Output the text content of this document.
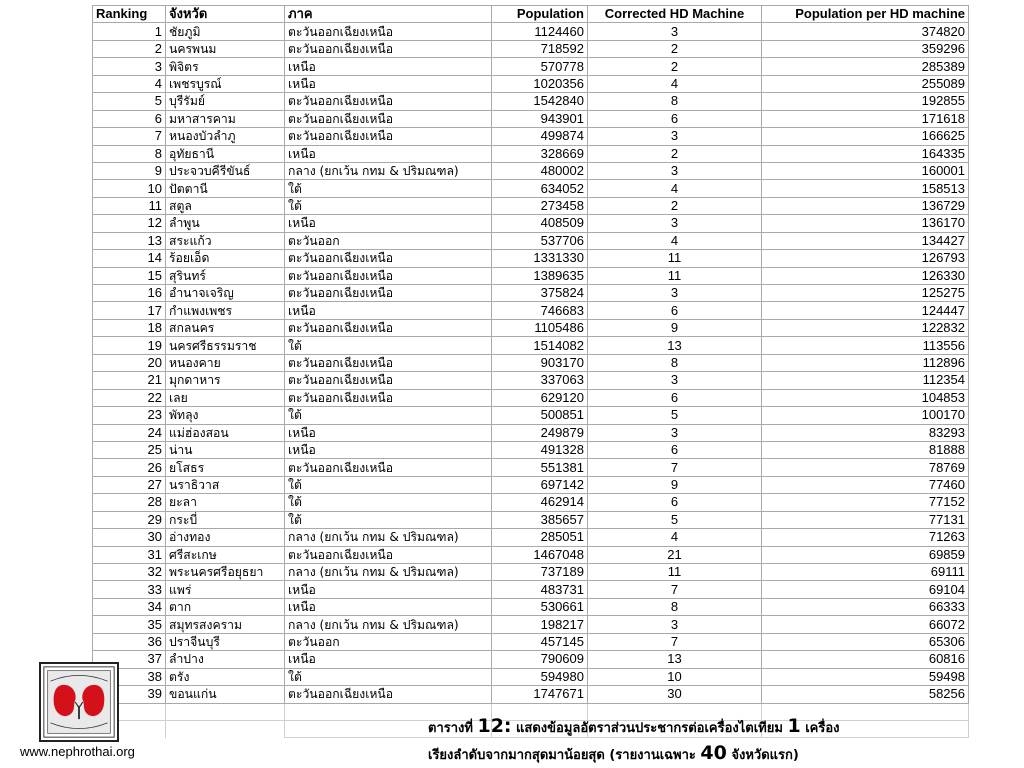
Ranking	จังหวัด	ภาค	Population	Corrected HD Machine	Population per HD machine
1	ชัยภูมิ	ตะวันออกเฉียงเหนือ	1124460	3	374820
2	นครพนม	ตะวันออกเฉียงเหนือ	718592	2	359296
3	พิจิตร	เหนือ	570778	2	285389
4	เพชรบูรณ์	เหนือ	1020356	4	255089
5	บุรีรัมย์	ตะวันออกเฉียงเหนือ	1542840	8	192855
6	มหาสารคาม	ตะวันออกเฉียงเหนือ	943901	6	171618
7	หนองบัวลำภู	ตะวันออกเฉียงเหนือ	499874	3	166625
8	อุทัยธานี	เหนือ	328669	2	164335
9	ประจวบคีรีขันธ์	กลาง (ยกเว้น กทม & ปริมณฑล)	480002	3	160001
10	ปัตตานี	ใต้	634052	4	158513
11	สตูล	ใต้	273458	2	136729
12	ลำพูน	เหนือ	408509	3	136170
13	สระแก้ว	ตะวันออก	537706	4	134427
14	ร้อยเอ็ด	ตะวันออกเฉียงเหนือ	1331330	11	126793
15	สุรินทร์	ตะวันออกเฉียงเหนือ	1389635	11	126330
16	อำนาจเจริญ	ตะวันออกเฉียงเหนือ	375824	3	125275
17	กำแพงเพชร	เหนือ	746683	6	124447
18	สกลนคร	ตะวันออกเฉียงเหนือ	1105486	9	122832
19	นครศรีธรรมราช	ใต้	1514082	13	113556
20	หนองคาย	ตะวันออกเฉียงเหนือ	903170	8	112896
21	มุกดาหาร	ตะวันออกเฉียงเหนือ	337063	3	112354
22	เลย	ตะวันออกเฉียงเหนือ	629120	6	104853
23	พัทลุง	ใต้	500851	5	100170
24	แม่ฮ่องสอน	เหนือ	249879	3	83293
25	น่าน	เหนือ	491328	6	81888
26	ยโสธร	ตะวันออกเฉียงเหนือ	551381	7	78769
27	นราธิวาส	ใต้	697142	9	77460
28	ยะลา	ใต้	462914	6	77152
29	กระบี่	ใต้	385657	5	77131
30	อ่างทอง	กลาง (ยกเว้น กทม & ปริมณฑล)	285051	4	71263
31	ศรีสะเกษ	ตะวันออกเฉียงเหนือ	1467048	21	69859
32	พระนครศรีอยุธยา	กลาง (ยกเว้น กทม & ปริมณฑล)	737189	11	69111
33	แพร่	เหนือ	483731	7	69104
34	ตาก	เหนือ	530661	8	66333
35	สมุทรสงคราม	กลาง (ยกเว้น กทม & ปริมณฑล)	198217	3	66072
36	ปราจีนบุรี	ตะวันออก	457145	7	65306
37	ลำปาง	เหนือ	790609	13	60816
38	ตรัง	ใต้	594980	10	59498
39	ขอนแก่น	ตะวันออกเฉียงเหนือ	1747671	30	58256

www.nephrothai.org
ตารางที่ 12: แสดงข้อมูลอัตราส่วนประชากรต่อเครื่องไตเทียม 1 เครื่อง
เรียงลำดับจากมากสุดมาน้อยสุด (รายงานเฉพาะ 40 จังหวัดแรก)
